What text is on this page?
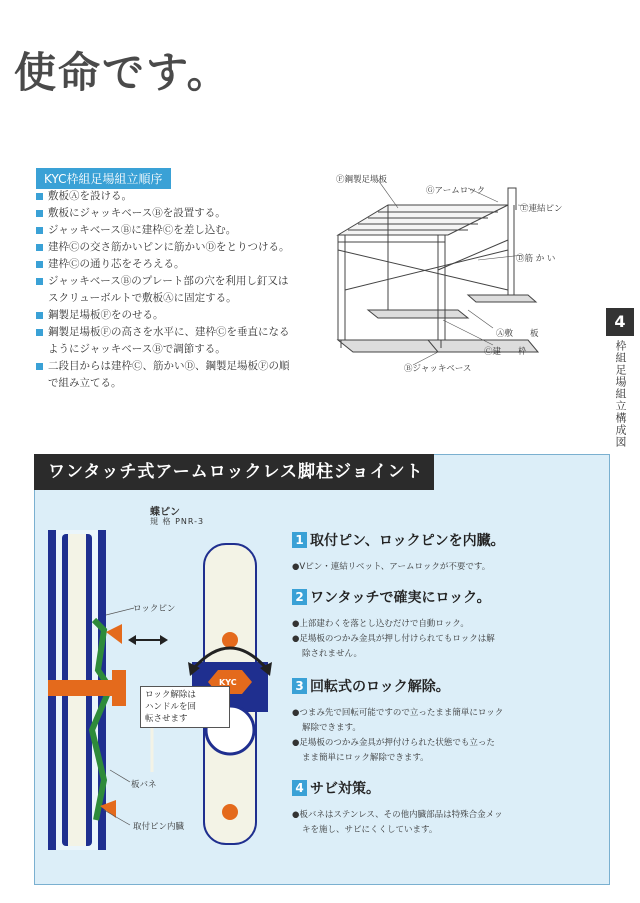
使命です。
KYC枠組足場組立順序
敷板Ⓐを設ける。
敷板にジャッキベースⒷを設置する。
ジャッキベースⒷに建枠Ⓒを差し込む。
建枠Ⓒの交さ筋かいピンに筋かいⒹをとりつける。
建枠Ⓒの通り芯をそろえる。
ジャッキベースⒷのプレート部の穴を利用し釘又は
スクリューボルトで敷板Ⓐに固定する。
鋼製足場板Ⓕをのせる。
鋼製足場板Ⓕの高さを水平に、建枠Ⓒを垂直になる
ようにジャッキベースⒷで調節する。
二段目からは建枠Ⓒ、筋かいⒹ、鋼製足場板Ⓕの順
で組み立てる。
Ⓕ鋼製足場板
Ⓖアームロック
Ⓔ連結ピン
Ⓓ筋 か い
Ⓐ敷　　板
Ⓒ建　　枠
Ⓑジャッキベース
4
枠組足場組立構成図
ワンタッチ式アームロックレス脚柱ジョイント
蝶ピン
規 格 PNR-3
ロックピン
ロック解除は
ハンドルを回
転させます
板バネ
取付ピン内臓
KYC
1 取付ピン、ロックピンを内臓。
●Vピン・連結リベット、アームロックが不要です。
2 ワンタッチで確実にロック。
●上部建わくを落とし込むだけで自動ロック。
●足場板のつかみ金具が押し付けられてもロックは解
除されません。
3 回転式のロック解除。
●つまみ先で回転可能ですので立ったまま簡単にロック
解除できます。
●足場板のつかみ金具が押付けられた状態でも立った
まま簡単にロック解除できます。
4 サビ対策。
●板バネはステンレス、その他内臓部品は特殊合金メッ
キを施し、サビにくくしています。
